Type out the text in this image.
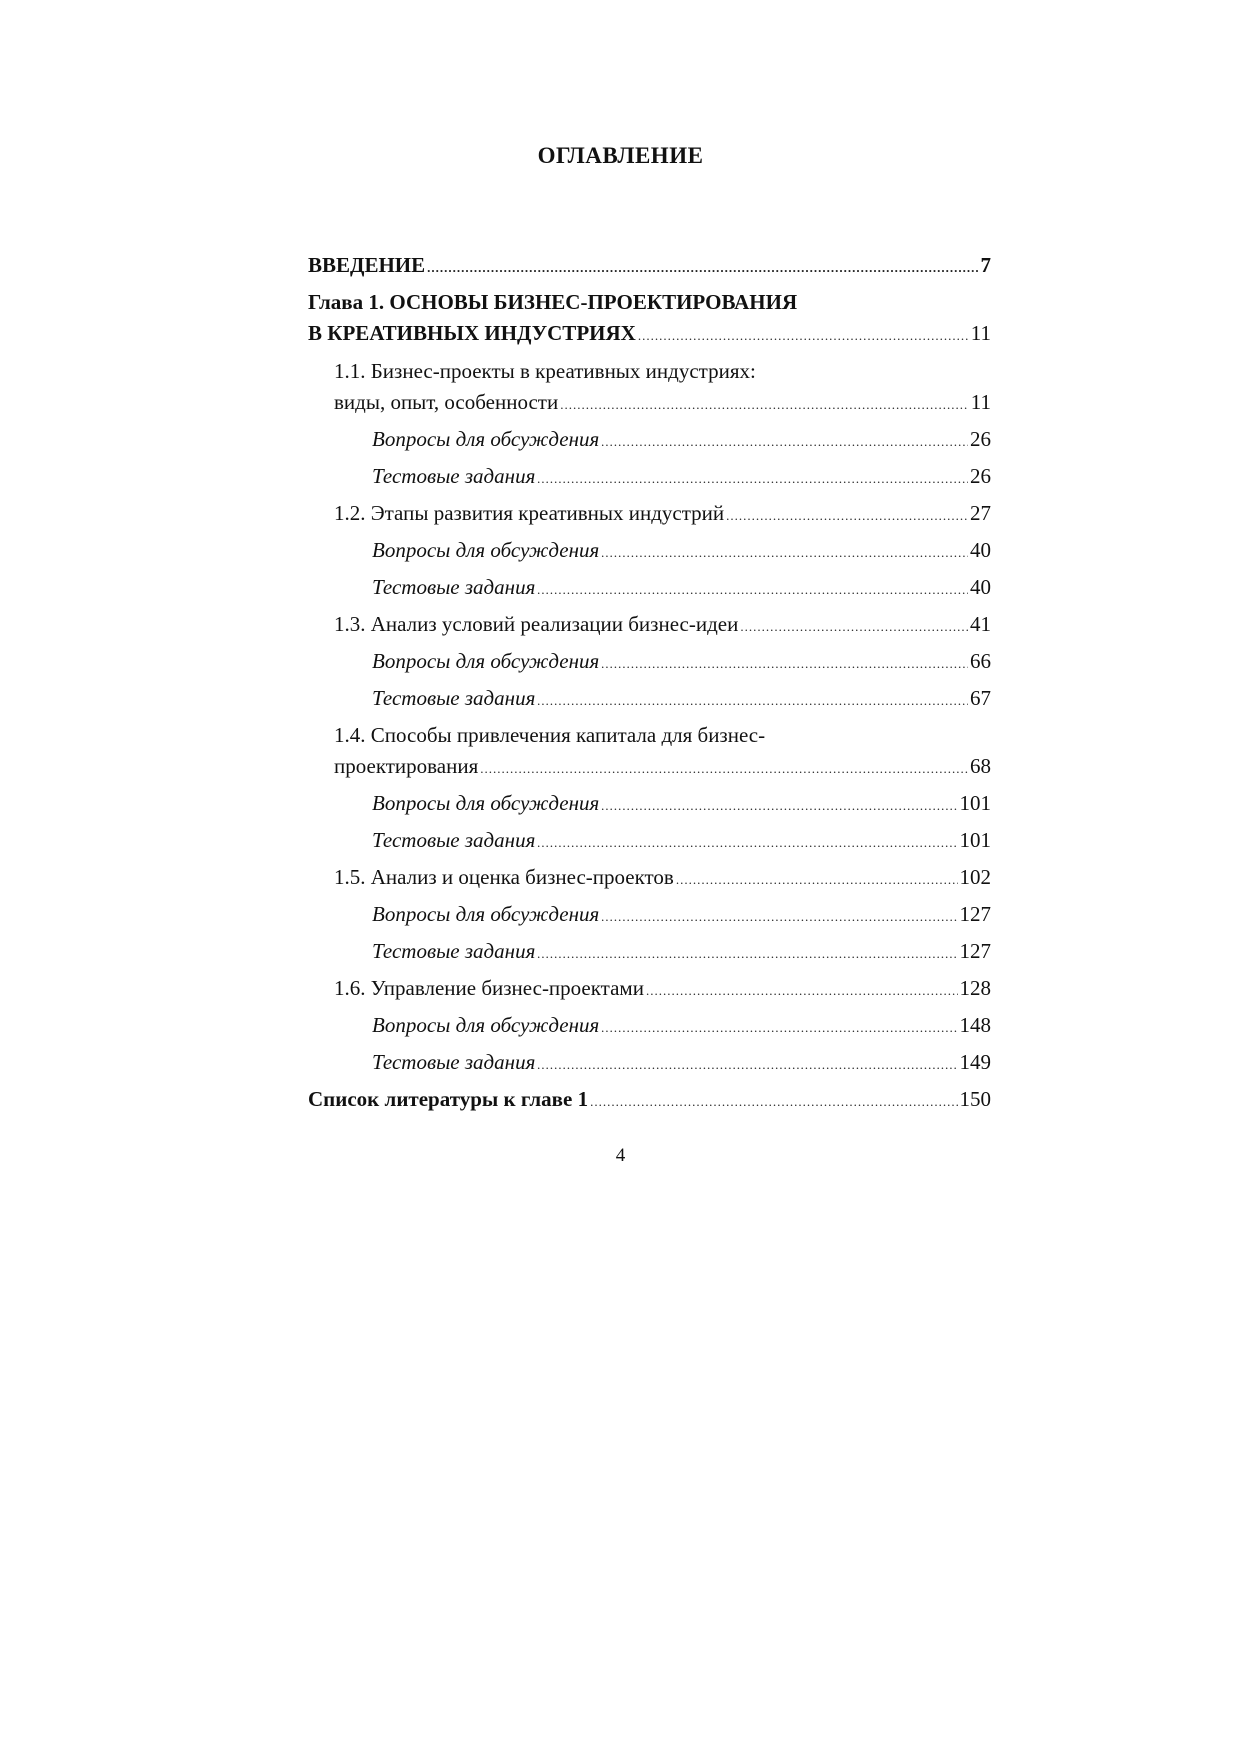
ОГЛАВЛЕНИЕ
ВВЕДЕНИЕ .....	7
Глава 1. ОСНОВЫ БИЗНЕС-ПРОЕКТИРОВАНИЯ
В КРЕАТИВНЫХ ИНДУСТРИЯХ .....	11
1.1. Бизнес-проекты в креативных индустриях:
виды, опыт, особенности .....	11
Вопросы для обсуждения .....	26
Тестовые задания .....	26
1.2. Этапы развития креативных индустрий .....	27
Вопросы для обсуждения .....	40
Тестовые задания .....	40
1.3. Анализ условий реализации бизнес-идеи .....	41
Вопросы для обсуждения .....	66
Тестовые задания .....	67
1.4. Способы привлечения капитала для бизнес-
проектирования .....	68
Вопросы для обсуждения .....	101
Тестовые задания .....	101
1.5. Анализ и оценка бизнес-проектов .....	102
Вопросы для обсуждения .....	127
Тестовые задания .....	127
1.6. Управление бизнес-проектами .....	128
Вопросы для обсуждения .....	148
Тестовые задания .....	149
Список литературы к главе 1 .....	150
4
